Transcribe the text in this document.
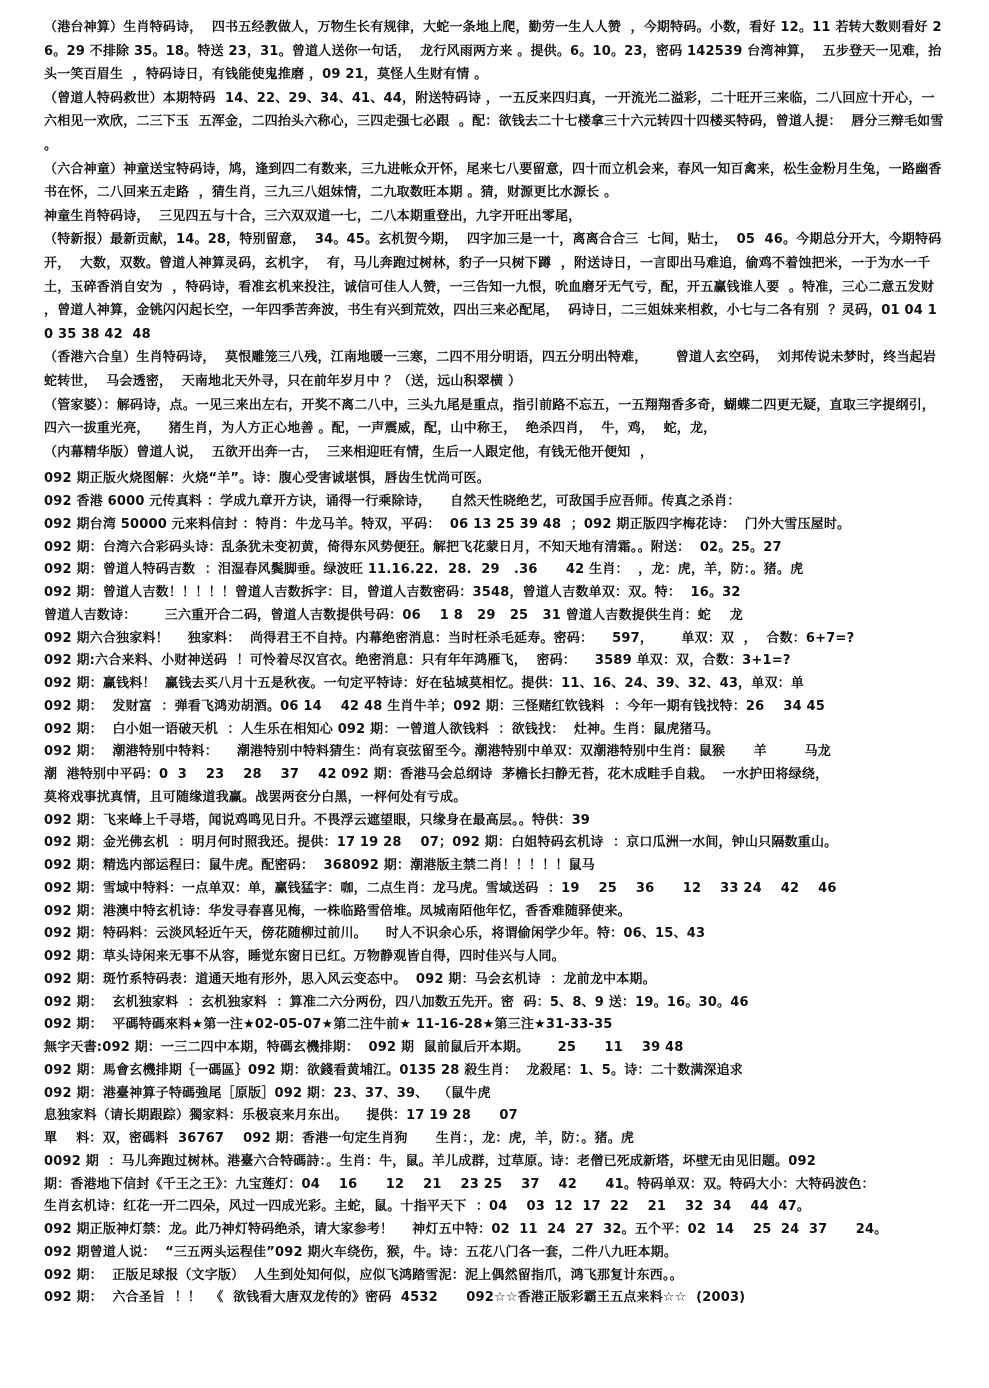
（港台神算）生肖特码诗，  四书五经教做人，万物生长有规律，大蛇一条地上爬，勤劳一生人人赞  ，今期特码。小数，看好 12。11 若转大数则看好 26。29 不排除 35。18。特送 23，31。曾道人送你一句话，  龙行风雨两方来 。提供。6。10。23，密码 142539 台湾神算，  五步登天一见难，抬头一笑百眉生  ，特码诗日，有钱能使鬼推磨 ，09 21，莫怪人生财有情 。

（曾道人特码救世）本期特码  14、22、29、34、41、44，附送特码诗 ，一五反来四归真，一开流光二溢彩，二十旺开三来临，二八回应十开心，一六相见一欢欣，二三下玉  五浑金，二四抬头六称心，三四走强七必跟  。配：欲钱去二十七楼拿三十六元转四十四楼买特码，曾道人提：  唇分三辩毛如雪 。

（六合神童）神童送宝特码诗，鸠，逢到四二有数来，三九进帐众开怀，尾来七八要留意，四十而立机会来，春风一知百禽来，松生金粉月生兔，一路幽香书在怀，二八回来五走路  ，猜生肖，三九三八姐妹情，二九取数旺本期 。猜，财源更比水源长 。

神童生肖特码诗，  三见四五与十合，三六双双道一七，二八本期重登出，九字开旺出零尾，

（特新报）最新贡献，14。28，特别留意，  34。45。玄机贺今期，  四字加三是一十，离离合合三  七间，贴士，  05  46。今期总分开大，今期特码开，  大数，双数。曾道人神算灵码，玄机字，  有，马儿奔跑过树林，豹子一只树下蹲  ，附送诗日，一言即出马难追，偷鸡不着蚀把米，一于为水一千土，玉碎香消自安为  ，特码诗，看准玄机来投注，诚信可佳人人赞，一三告知一九恨，吮血磨牙无气亏，配，开五赢钱谁人要  。特准，三心二意五发财 ，曾道人神算，金铫闪闪起长空，一年四季苦奔波，书生有兴到荒效，四出三来必配尾，  码诗日，二三姐妹来相救，小七与二各有别  ？灵码，01 04 10 35 38 42  48

（香港六合皇）生肖特码诗，  莫恨雕笼三八残，江南地暖一三寒，二四不用分明语，四五分明出特难，      曾道人玄空码，  刘邦传说未梦时，终当起岩蛇转世，  马会透密，  天南地北天外寻，只在前年岁月中 ？（送，远山积翠横 ）

（管家婆）：解码诗，点。一见三来出左右，开奖不离二八中，三头九尾是重点，指引前路不忘五，一五翔翔香多奇，蝴蝶二四更无疑，直取三字提纲引，四六一拔重光亮，    猪生肖，为人方正心地善 。配，一声震威，配，山中称王，  绝杀四肖，  牛，鸡，  蛇，龙，

（内幕精华版）曾道人说，  五欲开出奔一古，  三来相迎旺有情，生后一人跟定他，有钱无他开便知  ，

092 期正版火烧图解：火烧“羊”。诗：腹心受害诚堪惧，唇齿生忧尚可医。
092 香港 6000 元传真料 ：学成九章开方诀，诵得一行乘除诗，    自然天性晓绝艺，可敌国手应吾师。传真之杀肖：
092 期台湾 50000 元来料信封 ：特肖：牛龙马羊。特双，平码：  06 13 25 39 48  ；092 期正版四字梅花诗：  门外大雪压屋时。
092 期：台湾六合彩码头诗：乱条犹未变初黄，倚得东风势便狂。解把飞花蒙日月，不知天地有清霜。。附送：  02。25。27
092 期：曾道人特码吉数  ：泪湿春风鬓脚垂。绿波旺 11.16.22.  28.  29   .36      42 生肖：  ，龙：虎，羊，防：。猪。虎
092 期：曾道人吉数！！！！！曾道人吉数拆字：目，曾道人吉数密码：3548，曾道人吉数单双：双。特：  16。32
曾道人吉数诗：      三六重开合二码，曾道人吉数提供号码：06    1 8   29   25   31 曾道人吉数提供生肖：蛇    龙
092 期六合独家料！    独家料：  尚得君王不自持。内幕绝密消息：当时枉杀毛延寿。密码：    597，      单双：双  ，  合数：6+7=?
092 期:六合来料、小财神送码  ！可怜着尽汉宫衣。绝密消息：只有年年鸿雁飞，  密码：    3589 单双：双，合数：3+1=?
092 期：赢钱料！  赢钱去买八月十五是秋夜。一句定平特诗：好在毡城莫相忆。提供：11、16、24、39、32、43，单双：单
092 期：  发财富  ：弹看飞鸿劝胡酒。06 14    42 48 生肖牛羊；092 期：三怪赌红钦钱料  ：今年一期有钱找特：26    34 45
092 期：  白小姐一语破天机  ：人生乐在相知心 092 期：一曾道人欲钱料  ：欲钱找：  灶神。生肖：鼠虎猪马。
092 期：  潮港特别中特料：    潮港特别中特料猜生：尚有哀弦留至今。潮港特别中单双：双潮港特别中生肖：鼠猴      羊        马龙
潮  港特别中平码：0  3    23    28    37    42 092 期：香港马会总纲诗  茅檐长扫静无苔，花木成畦手自栽。  一水护田将绿绕，
莫将戏事扰真情，且可随缘道我赢。战罢两奁分白黑，一枰何处有亏成。
092 期：飞来峰上千寻塔，闻说鸡鸣见日升。不畏浮云遮望眼，只缘身在最高层。。特供：39
092 期：金光佛玄机  ：明月何时照我还。提供：17 19 28    07；092 期：白姐特码玄机诗  ：京口瓜洲一水间，钟山只隔数重山。
092 期：精选内部运程曰：鼠牛虎。配密码：  368092 期：潮港版主禁二肖！！！！！鼠马
092 期：雪域中特料：一点单双：单，赢钱猛字：咖，二点生肖：龙马虎。雪域送码  ：19    25    36      12    33 24    42    46
092 期：港澳中特玄机诗：华发寻春喜见梅，一株临路雪倍堆。凤城南陌他年忆，香香难随驿使来。
092 期：特码料：云淡风轻近午天，傍花随柳过前川。    时人不识余心乐，将谓偷闲学少年。特：06、15、43
092 期：草头诗闲来无事不从容，睡觉东窗日已红。万物静观皆自得，四时佳兴与人同。
092 期：斑竹系特码表：道通天地有形外，思入风云变态中。  092 期：马会玄机诗  ：龙前龙中本期。
092 期：  玄机独家料  ：玄机独家料  ：算准二六分两份，四八加数五先开。密  码：5、8、9 送：19。16。30。46
092 期：  平碼特碼來料★第一注★02-05-07★第二注牛前★ 11-16-28★第三注★31-33-35
無字天書:092 期：一三二四中本期，特碼玄機排期：  092 期  鼠前鼠后开本期。      25      11    39 48
092 期：馬會玄機排期｛一碼區｝092 期：欲錢看黄埔江。0135 28 殺生肖：  龙殺尾：1、5。诗：二十数满深追求
092 期：港臺神算子特碼強尾［原版］092 期：23、37、39、  （鼠牛虎
息独家料（请长期跟踪）獨家料：乐极哀来月东出。    提供：17 19 28      07
單    料：双，密碼料  36767    092 期：香港一句定生肖狗      生肖：，龙：虎，羊，防：。猪。虎
0092 期  ：马儿奔跑过树林。港臺六合特碼詩：。生肖：牛，鼠。羊儿成群，过草原。诗：老僧已死成新塔，坏壁无由见旧题。092
期：香港地下信封《千王之王》：九宝莲灯：04    16      12    21    23 25    37    42      41。特码单双：双。特码大小：大特码波色：
生肖玄机诗：红花一开二四朵，风过一四成光彩。主蛇，鼠。十指平天下  ：04    03  12  17  22    21    32  34    44  47。
092 期正版神灯禁：龙。此乃神灯特码绝杀，请大家参考！    神灯五中特：02  11  24  27  32。五个平：02  14    25  24  37      24。
092 期曾道人说：  “三五两头运程佳”092 期火车绕伤，猴，牛。诗：五花八门各一套，二件八九旺本期。
092 期：  正版足球报（文字版）  人生到处知何似，应似飞鸿踏雪泥：泥上偶然留指爪，鸿飞那复计东西。。
092 期：  六合圣旨  ！！  《  欲钱看大唐双龙传的》密码  4532      092☆☆香港正版彩霸王五点来料☆☆  (2003)
